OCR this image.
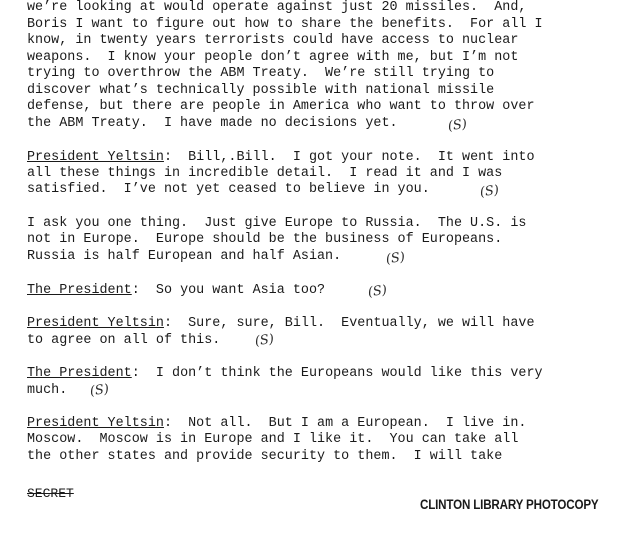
we’re looking at would operate against just 20 missiles.  And,
Boris I want to figure out how to share the benefits.  For all I
know, in twenty years terrorists could have access to nuclear
weapons.  I know your people don’t agree with me, but I’m not
trying to overthrow the ABM Treaty.  We’re still trying to
discover what’s technically possible with national missile
defense, but there are people in America who want to throw over
the ABM Treaty.  I have made no decisions yet.
President Yeltsin:  Bill,.Bill.  I got your note.  It went into
all these things in incredible detail.  I read it and I was
satisfied.  I’ve not yet ceased to believe in you.
I ask you one thing.  Just give Europe to Russia.  The U.S. is
not in Europe.  Europe should be the business of Europeans.
Russia is half European and half Asian.
The President:  So you want Asia too?
President Yeltsin:  Sure, sure, Bill.  Eventually, we will have
to agree on all of this.
The President:  I don’t think the Europeans would like this very
much.
President Yeltsin:  Not all.  But I am a European.  I live in.
Moscow.  Moscow is in Europe and I like it.  You can take all
the other states and provide security to them.  I will take
(S)
(S)
(S)
(S)
(S)
(S)
SECRET
CLINTON LIBRARY PHOTOCOPY
